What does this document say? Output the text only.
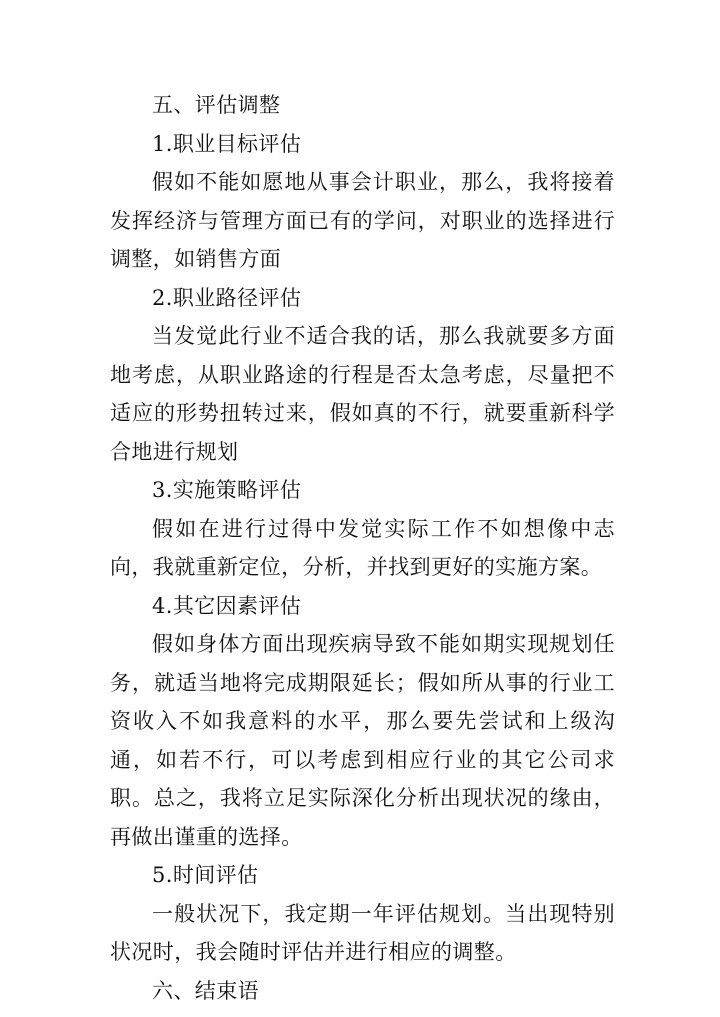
五、评估调整

1.职业目标评估

假如不能如愿地从事会计职业，那么，我将接着发挥经济与管理方面已有的学问，对职业的选择进行调整，如销售方面

2.职业路径评估

当发觉此行业不适合我的话，那么我就要多方面地考虑，从职业路途的行程是否太急考虑，尽量把不适应的形势扭转过来，假如真的不行，就要重新科学合地进行规划

3.实施策略评估

假如在进行过得中发觉实际工作不如想像中志向，我就重新定位，分析，并找到更好的实施方案。

4.其它因素评估

假如身体方面出现疾病导致不能如期实现规划任务，就适当地将完成期限延长；假如所从事的行业工资收入不如我意料的水平，那么要先尝试和上级沟通，如若不行，可以考虑到相应行业的其它公司求职。总之，我将立足实际深化分析出现状况的缘由，再做出谨重的选择。

5.时间评估

一般状况下，我定期一年评估规划。当出现特别状况时，我会随时评估并进行相应的调整。

六、结束语
